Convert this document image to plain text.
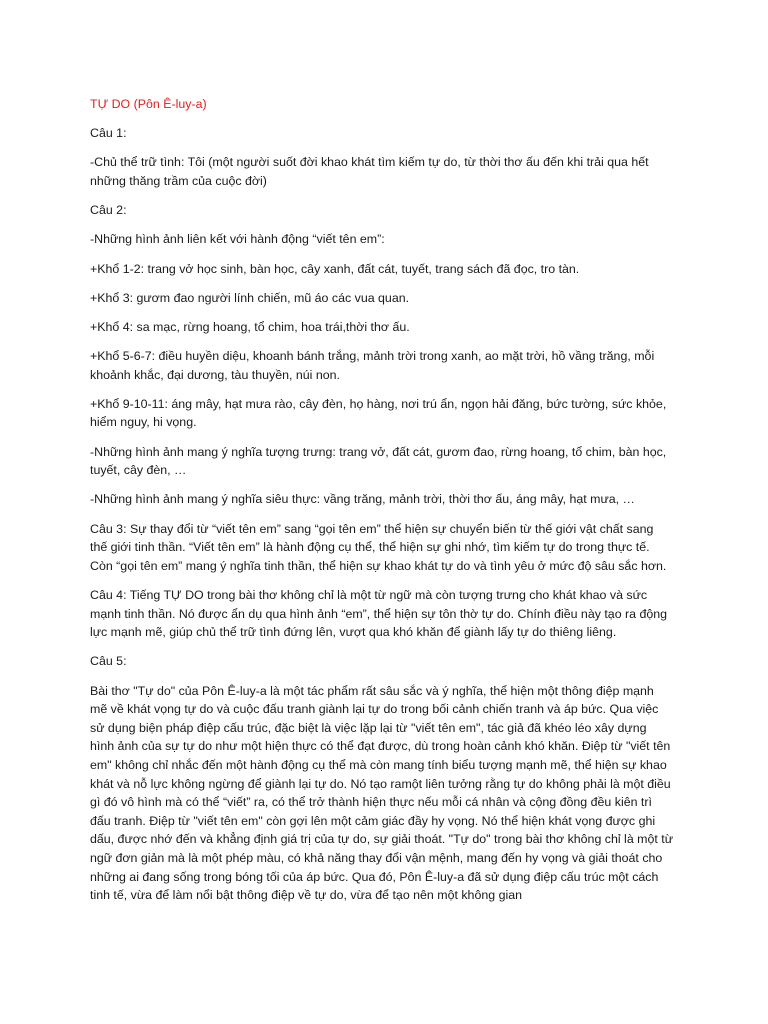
TỰ DO (Pôn Ê-luy-a)

Câu 1:

-Chủ thể trữ tình: Tôi (một người suốt đời khao khát tìm kiếm tự do, từ thời thơ ấu đến khi trải qua hết những thăng trầm của cuộc đời)

Câu 2:

-Những hình ảnh liên kết với hành động “viết tên em”:

+Khổ 1-2: trang vở học sinh, bàn học, cây xanh, đất cát, tuyết, trang sách đã đọc, tro tàn.

+Khổ 3: gươm đao người lính chiến, mũ áo các vua quan.

+Khổ 4: sa mạc, rừng hoang, tổ chim, hoa trái,thời thơ ấu.

+Khổ 5-6-7: điều huyền diệu, khoanh bánh trắng, mảnh trời trong xanh, ao mặt trời, hồ vầng trăng, mỗi khoảnh khắc, đại dương, tàu thuyền, núi non.

+Khổ 9-10-11: áng mây, hạt mưa rào, cây đèn, họ hàng, nơi trú ẩn, ngọn hải đăng, bức tường, sức khỏe, hiểm nguy, hi vọng.

-Những hình ảnh mang ý nghĩa tượng trưng: trang vở, đất cát, gươm đao, rừng hoang, tổ chim, bàn học, tuyết, cây đèn, …

-Những hình ảnh mang ý nghĩa siêu thực: vầng trăng, mảnh trời, thời thơ ấu, áng mây, hạt mưa, …

Câu 3: Sự thay đổi từ “viết tên em” sang “gọi tên em” thể hiện sự chuyển biến từ thế giới vật chất sang thế giới tinh thần. “Viết tên em” là hành động cụ thể, thể hiện sự ghi nhớ, tìm kiếm tự do trong thực tế. Còn “gọi tên em” mang ý nghĩa tinh thần, thể hiện sự khao khát tự do và tình yêu ở mức độ sâu sắc hơn.

Câu 4: Tiếng TỰ DO trong bài thơ không chỉ là một từ ngữ mà còn tượng trưng cho khát khao và sức mạnh tinh thần. Nó được ẩn dụ qua hình ảnh “em”, thể hiện sự tôn thờ tự do. Chính điều này tạo ra động lực mạnh mẽ, giúp chủ thể trữ tình đứng lên, vượt qua khó khăn để giành lấy tự do thiêng liêng.

Câu 5:

Bài thơ "Tự do" của Pôn Ê-luy-a là một tác phẩm rất sâu sắc và ý nghĩa, thể hiện một thông điệp mạnh mẽ về khát vọng tự do và cuộc đấu tranh giành lại tự do trong bối cảnh chiến tranh và áp bức. Qua việc sử dụng biện pháp điệp cấu trúc, đặc biệt là việc lặp lại từ "viết tên em", tác giả đã khéo léo xây dựng hình ảnh của sự tự do như một hiện thực có thể đạt được, dù trong hoàn cảnh khó khăn. Điệp từ "viết tên em" không chỉ nhắc đến một hành động cụ thể mà còn mang tính biểu tượng mạnh mẽ, thể hiện sự khao khát và nỗ lực không ngừng để giành lại tự do. Nó tạo ramột liên tưởng rằng tự do không phải là một điều gì đó vô hình mà có thể “viết” ra, có thể trở thành hiện thực nếu mỗi cá nhân và cộng đồng đều kiên trì đấu tranh. Điệp từ "viết tên em" còn gợi lên một cảm giác đầy hy vọng. Nó thể hiện khát vọng được ghi dấu, được nhớ đến và khẳng định giá trị của tự do, sự giải thoát. "Tự do" trong bài thơ không chỉ là một từ ngữ đơn giản mà là một phép màu, có khả năng thay đổi vận mệnh, mang đến hy vọng và giải thoát cho những ai đang sống trong bóng tối của áp bức. Qua đó, Pôn Ê-luy-a đã sử dụng điệp cấu trúc một cách tinh tế, vừa để làm nổi bật thông điệp về tự do, vừa để tạo nên một không gian
